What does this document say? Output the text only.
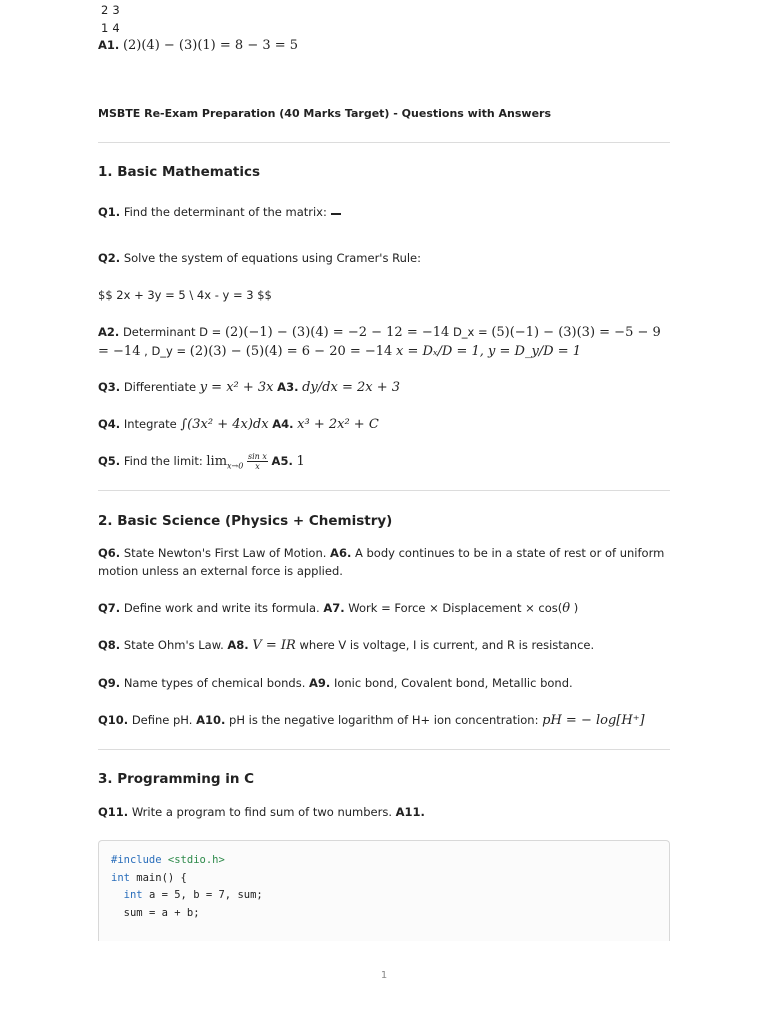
MSBTE Re-Exam Preparation (40 Marks Target) - Questions with Answers

1. Basic Mathematics

Q1. Find the determinant of the matrix:

2	3
1	4
A1. (2)(4) − (3)(1) = 8 − 3 = 5

Q2. Solve the system of equations using Cramer's Rule:

$$ 2x + 3y = 5 \ 4x - y = 3 $$

A2. Determinant D = (2)(−1) − (3)(4) = −2 − 12 = −14 D_x = (5)(−1) − (3)(3) = −5 − 9 = −14 , D_y = (2)(3) − (5)(4) = 6 − 20 = −14 x = Dₓ/D = 1, y = D_y/D = 1

Q3. Differentiate y = x² + 3x A3. dy/dx = 2x + 3

Q4. Integrate ∫(3x² + 4x)dx A4. x³ + 2x² + C

Q5. Find the limit: $\lim_{x\to 0} \frac{\text{sin x}}{x} A5$. 1

2. Basic Science (Physics + Chemistry)

Q6. State Newton's First Law of Motion. A6. A body continues to be in a state of rest or of uniform motion unless an external force is applied.

Q7. Define work and write its formula. A7. Work = Force × Displacement × cos(θ )

Q8. State Ohm's Law. A8. V = IR where V is voltage, I is current, and R is resistance.

Q9. Name types of chemical bonds. A9. Ionic bond, Covalent bond, Metallic bond.

Q10. Define pH. A10. pH is the negative logarithm of H+ ion concentration: pH = − log[H⁺]

3. Programming in C

Q11. Write a program to find sum of two numbers. A11.

#include <stdio.h>
int main() {
int a = 5, b = 7, sum;
sum = a + b;
1
